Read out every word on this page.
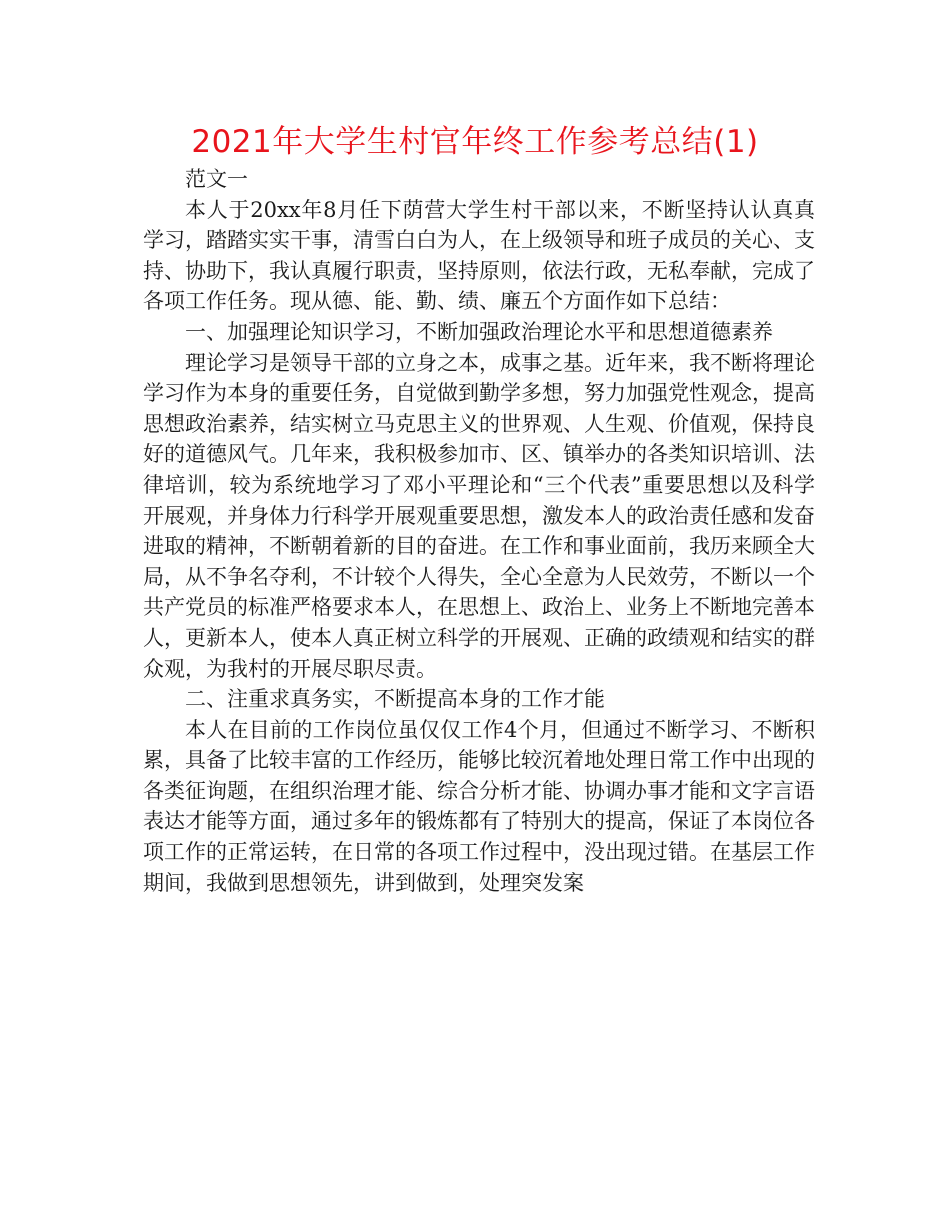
2021年大学生村官年终工作参考总结(1)

范文一

本人于20xx年8月任下荫营大学生村干部以来，不断坚持认认真真学习，踏踏实实干事，清雪白白为人，在上级领导和班子成员的关心、支持、协助下，我认真履行职责，坚持原则，依法行政，无私奉献，完成了各项工作任务。现从德、能、勤、绩、廉五个方面作如下总结：

一、加强理论知识学习，不断加强政治理论水平和思想道德素养

理论学习是领导干部的立身之本，成事之基。近年来，我不断将理论学习作为本身的重要任务，自觉做到勤学多想，努力加强党性观念，提高思想政治素养，结实树立马克思主义的世界观、人生观、价值观，保持良好的道德风气。几年来，我积极参加市、区、镇举办的各类知识培训、法律培训，较为系统地学习了邓小平理论和“三个代表”重要思想以及科学开展观，并身体力行科学开展观重要思想，激发本人的政治责任感和发奋进取的精神，不断朝着新的目的奋进。在工作和事业面前，我历来顾全大局，从不争名夺利，不计较个人得失，全心全意为人民效劳，不断以一个共产党员的标准严格要求本人，在思想上、政治上、业务上不断地完善本人，更新本人，使本人真正树立科学的开展观、正确的政绩观和结实的群众观，为我村的开展尽职尽责。

二、注重求真务实，不断提高本身的工作才能

本人在目前的工作岗位虽仅仅工作4个月，但通过不断学习、不断积累，具备了比较丰富的工作经历，能够比较沉着地处理日常工作中出现的各类征询题，在组织治理才能、综合分析才能、协调办事才能和文字言语表达才能等方面，通过多年的锻炼都有了特别大的提高，保证了本岗位各项工作的正常运转，在日常的各项工作过程中，没出现过错。在基层工作期间，我做到思想领先，讲到做到，处理突发案
